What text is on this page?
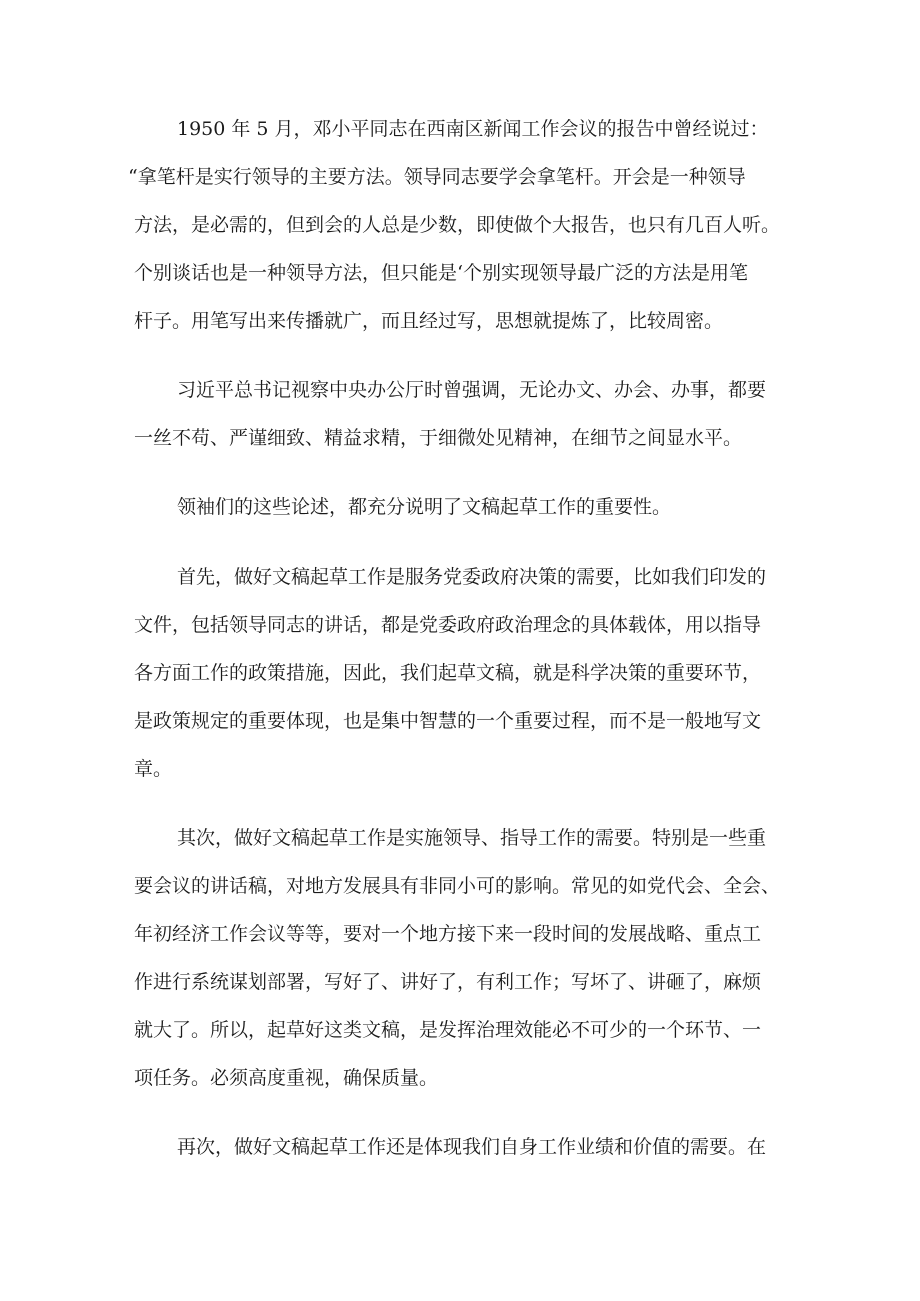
1950 年 5 月，邓小平同志在西南区新闻工作会议的报告中曾经说过：
“拿笔杆是实行领导的主要方法。领导同志要学会拿笔杆。开会是一种领导
方法，是必需的，但到会的人总是少数，即使做个大报告，也只有几百人听。
个别谈话也是一种领导方法，但只能是‘个别实现领导最广泛的方法是用笔
杆子。用笔写出来传播就广，而且经过写，思想就提炼了，比较周密。
习近平总书记视察中央办公厅时曾强调，无论办文、办会、办事，都要
一丝不苟、严谨细致、精益求精，于细微处见精神，在细节之间显水平。
领袖们的这些论述，都充分说明了文稿起草工作的重要性。
首先，做好文稿起草工作是服务党委政府决策的需要，比如我们印发的
文件，包括领导同志的讲话，都是党委政府政治理念的具体载体，用以指导
各方面工作的政策措施，因此，我们起草文稿，就是科学决策的重要环节，
是政策规定的重要体现，也是集中智慧的一个重要过程，而不是一般地写文
章。
其次，做好文稿起草工作是实施领导、指导工作的需要。特别是一些重
要会议的讲话稿，对地方发展具有非同小可的影响。常见的如党代会、全会、
年初经济工作会议等等，要对一个地方接下来一段时间的发展战略、重点工
作进行系统谋划部署，写好了、讲好了，有利工作；写坏了、讲砸了，麻烦
就大了。所以，起草好这类文稿，是发挥治理效能必不可少的一个环节、一
项任务。必须高度重视，确保质量。
再次，做好文稿起草工作还是体现我们自身工作业绩和价值的需要。在
